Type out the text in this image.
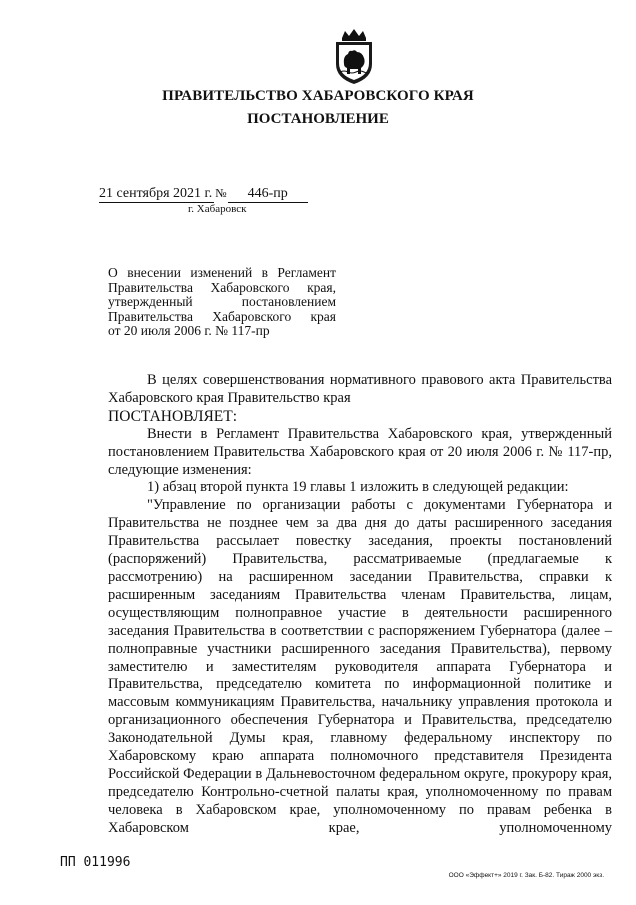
ПРАВИТЕЛЬСТВО ХАБАРОВСКОГО КРАЯ
ПОСТАНОВЛЕНИЕ
21 сентября 2021 г. №	446-пр
г. Хабаровск
О внесении изменений в Регламент
Правительства Хабаровского края,
утвержденный постановлением
Правительства Хабаровского края
от 20 июля 2006 г. № 117-пр

В целях совершенствования нормативного правового акта Правительства Хабаровского края Правительство края

ПОСТАНОВЛЯЕТ:

Внести в Регламент Правительства Хабаровского края, утвержденный постановлением Правительства Хабаровского края от 20 июля 2006 г. № 117-пр, следующие изменения:

1) абзац второй пункта 19 главы 1 изложить в следующей редакции:

"Управление по организации работы с документами Губернатора и Правительства не позднее чем за два дня до даты расширенного заседания Правительства рассылает повестку заседания, проекты постановлений (распоряжений) Правительства, рассматриваемые (предлагаемые к рассмотрению) на расширенном заседании Правительства, справки к расширенным заседаниям Правительства членам Правительства, лицам, осуществляющим полноправное участие в деятельности расширенного заседания Правительства в соответствии с распоряжением Губернатора (далее – полноправные участники расширенного заседания Правительства), первому заместителю и заместителям руководителя аппарата Губернатора и Правительства, председателю комитета по информационной политике и массовым коммуникациям Правительства, начальнику управления протокола и организационного обеспечения Губернатора и Правительства, председателю Законодательной Думы края, главному федеральному инспектору по Хабаровскому краю аппарата полномочного представителя Президента Российской Федерации в Дальневосточном федеральном округе, прокурору края, председателю Контрольно-счетной палаты края, уполномоченному по правам человека в Хабаровском крае, уполномоченному по правам ребенка в Хабаровском крае, уполномоченному

ПП 011996
ООО «Эффект+» 2019 г. Зак. Б-82. Тираж 2000 экз.
